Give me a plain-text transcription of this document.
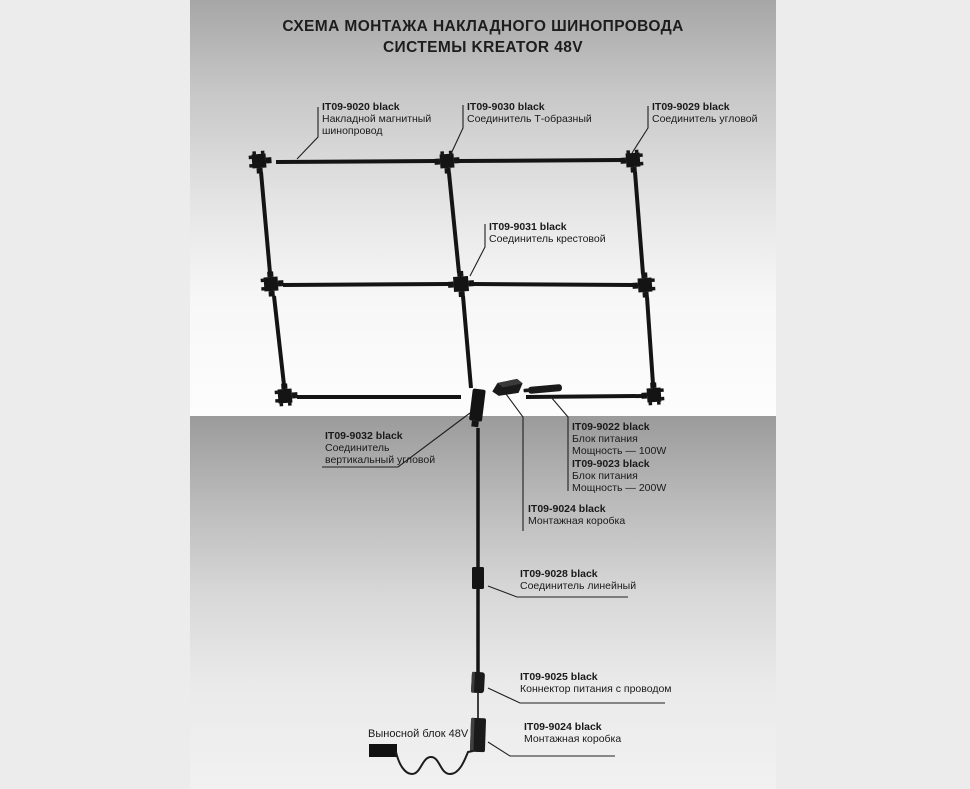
СХЕМА МОНТАЖА НАКЛАДНОГО ШИНОПРОВОДА
СИСТЕМЫ KREATOR 48V
IT09-9020 black
Накладной магнитный
шинопровод
IT09-9030 black
Соединитель Т-образный
IT09-9029 black
Соединитель угловой
IT09-9031 black
Соединитель крестовой
IT09-9032 black
Соединитель
вертикальный угловой
IT09-9022 black
Блок питания
Мощность — 100W
IT09-9023 black
Блок питания
Мощность — 200W
IT09-9024 black
Монтажная коробка
IT09-9028 black
Соединитель линейный
IT09-9025 black
Коннектор питания с проводом
IT09-9024 black
Монтажная коробка
Выносной блок 48V
